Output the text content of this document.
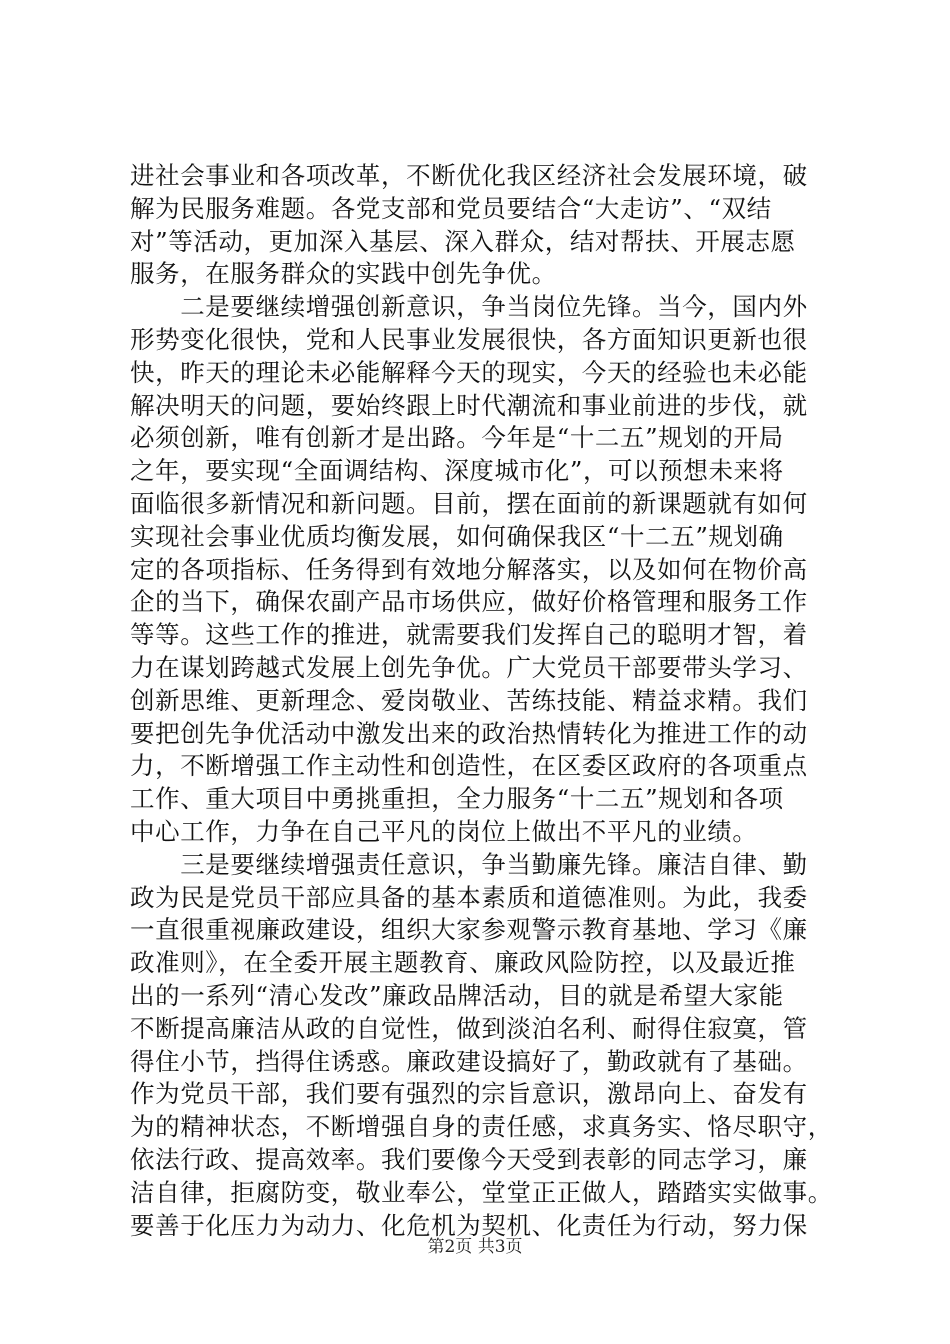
进社会事业和各项改革，不断优化我区经济社会发展环境，破
解为民服务难题。各党支部和党员要结合“大走访”、“双结
对”等活动，更加深入基层、深入群众，结对帮扶、开展志愿
服务，在服务群众的实践中创先争优。
　　二是要继续增强创新意识，争当岗位先锋。当今，国内外
形势变化很快，党和人民事业发展很快，各方面知识更新也很
快，昨天的理论未必能解释今天的现实，今天的经验也未必能
解决明天的问题，要始终跟上时代潮流和事业前进的步伐，就
必须创新，唯有创新才是出路。今年是“十二五”规划的开局
之年，要实现“全面调结构、深度城市化”，可以预想未来将
面临很多新情况和新问题。目前，摆在面前的新课题就有如何
实现社会事业优质均衡发展，如何确保我区“十二五”规划确
定的各项指标、任务得到有效地分解落实，以及如何在物价高
企的当下，确保农副产品市场供应，做好价格管理和服务工作
等等。这些工作的推进，就需要我们发挥自己的聪明才智，着
力在谋划跨越式发展上创先争优。广大党员干部要带头学习、
创新思维、更新理念、爱岗敬业、苦练技能、精益求精。我们
要把创先争优活动中激发出来的政治热情转化为推进工作的动
力，不断增强工作主动性和创造性，在区委区政府的各项重点
工作、重大项目中勇挑重担，全力服务“十二五”规划和各项
中心工作，力争在自己平凡的岗位上做出不平凡的业绩。
　　三是要继续增强责任意识，争当勤廉先锋。廉洁自律、勤
政为民是党员干部应具备的基本素质和道德准则。为此，我委
一直很重视廉政建设，组织大家参观警示教育基地、学习《廉
政准则》，在全委开展主题教育、廉政风险防控，以及最近推
出的一系列“清心发改”廉政品牌活动，目的就是希望大家能
不断提高廉洁从政的自觉性，做到淡泊名利、耐得住寂寞，管
得住小节，挡得住诱惑。廉政建设搞好了，勤政就有了基础。
作为党员干部，我们要有强烈的宗旨意识，激昂向上、奋发有
为的精神状态，不断增强自身的责任感，求真务实、恪尽职守，
依法行政、提高效率。我们要像今天受到表彰的同志学习，廉
洁自律，拒腐防变，敬业奉公，堂堂正正做人，踏踏实实做事。
要善于化压力为动力、化危机为契机、化责任为行动，努力保
第2页 共3页
